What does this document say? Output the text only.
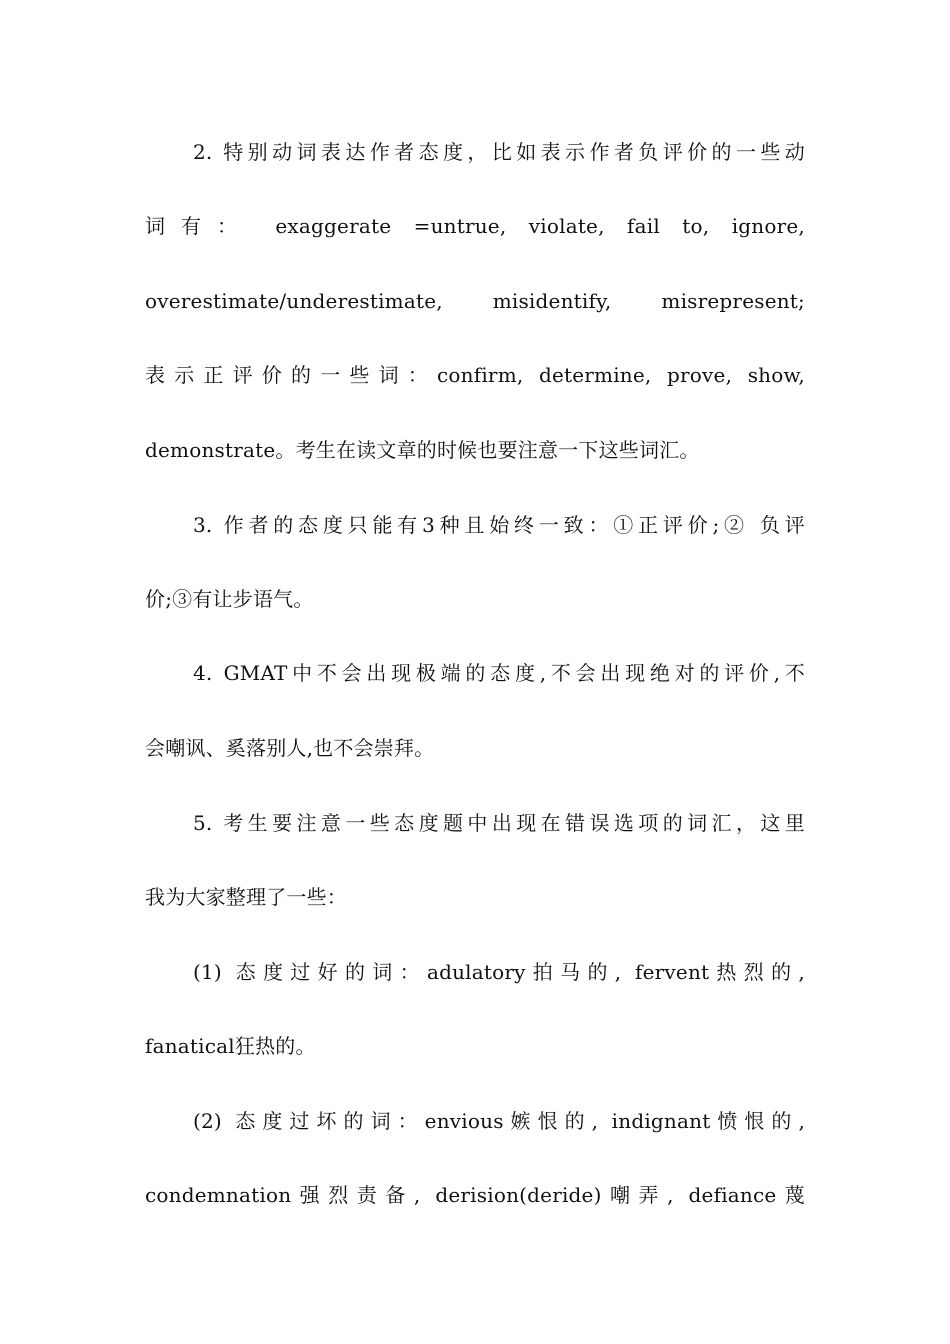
2. 特别动词表达作者态度，比如表示作者负评价的一些动
词有： exaggerate =untrue, violate, fail to, ignore,
overestimate/underestimate, misidentify, misrepresent;
表示正评价的一些词：confirm, determine, prove, show,
demonstrate。考生在读文章的时候也要注意一下这些词汇。
3. 作者的态度只能有3种且始终一致：①正评价;② 负评
价;③有让步语气。
4. GMAT中不会出现极端的态度,不会出现绝对的评价,不
会嘲讽、奚落别人,也不会崇拜。
5. 考生要注意一些态度题中出现在错误选项的词汇，这里
我为大家整理了一些：
(1) 态度过好的词：adulatory拍马的, fervent热烈的,
fanatical狂热的。
(2) 态度过坏的词：envious嫉恨的, indignant愤恨的,
condemnation强烈责备, derision(deride)嘲弄, defiance蔑
